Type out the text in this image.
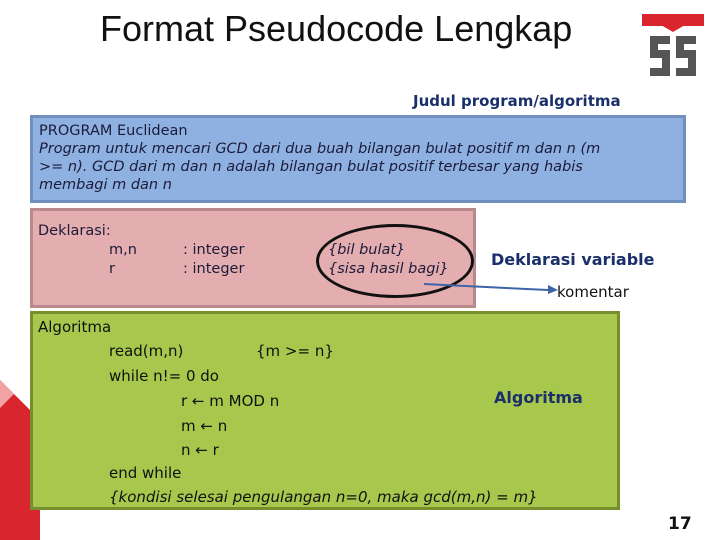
Format Pseudocode Lengkap
Judul program/algoritma
PROGRAM Euclidean
Program untuk mencari GCD dari dua buah bilangan bulat positif m dan n (m
>= n). GCD dari m dan n adalah bilangan bulat positif terbesar yang habis
membagi m dan n
Deklarasi:
m,n	: integer	{bil bulat}
r	: integer	{sisa hasil bagi}	Deklarasi variable
komentar
Algoritma
read(m,n)	{m >= n}
while n!= 0 do
r ← m MOD n
m ← n
n ← r
end while
{kondisi selesai pengulangan n=0, maka gcd(m,n) = m}
Algoritma
17
